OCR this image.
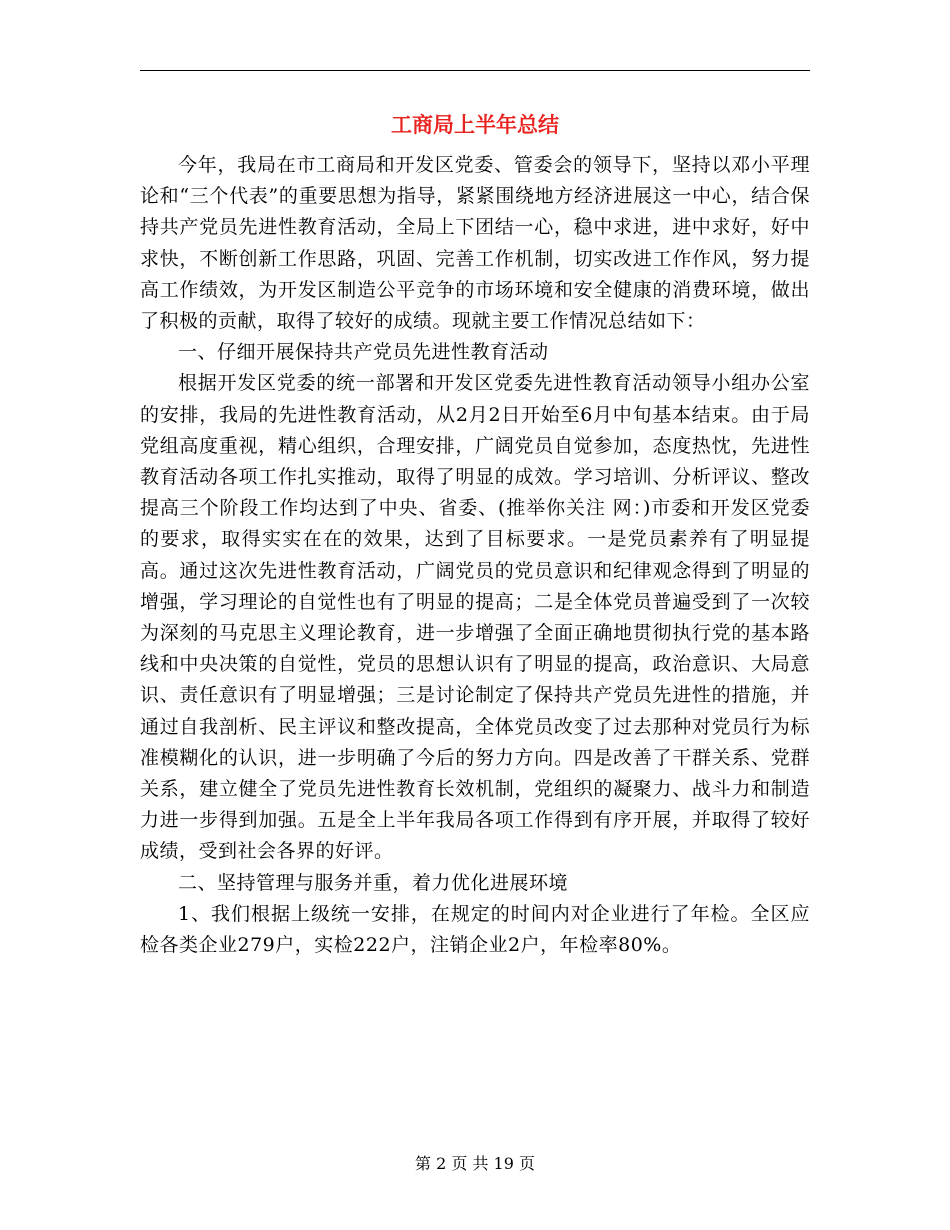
工商局上半年总结

今年，我局在市工商局和开发区党委、管委会的领导下，坚持以邓小平理论和“三个代表”的重要思想为指导，紧紧围绕地方经济进展这一中心，结合保持共产党员先进性教育活动，全局上下团结一心，稳中求进，进中求好，好中求快，不断创新工作思路，巩固、完善工作机制，切实改进工作作风，努力提高工作绩效，为开发区制造公平竞争的市场环境和安全健康的消费环境，做出了积极的贡献，取得了较好的成绩。现就主要工作情况总结如下：

一、仔细开展保持共产党员先进性教育活动

根据开发区党委的统一部署和开发区党委先进性教育活动领导小组办公室的安排，我局的先进性教育活动，从2月2日开始至6月中旬基本结束。由于局党组高度重视，精心组织，合理安排，广阔党员自觉参加，态度热忱，先进性教育活动各项工作扎实推动，取得了明显的成效。学习培训、分析评议、整改提高三个阶段工作均达到了中央、省委、(推举你关注 网：)市委和开发区党委的要求，取得实实在在的效果，达到了目标要求。一是党员素养有了明显提高。通过这次先进性教育活动，广阔党员的党员意识和纪律观念得到了明显的增强，学习理论的自觉性也有了明显的提高；二是全体党员普遍受到了一次较为深刻的马克思主义理论教育，进一步增强了全面正确地贯彻执行党的基本路线和中央决策的自觉性，党员的思想认识有了明显的提高，政治意识、大局意识、责任意识有了明显增强；三是讨论制定了保持共产党员先进性的措施，并通过自我剖析、民主评议和整改提高，全体党员改变了过去那种对党员行为标准模糊化的认识，进一步明确了今后的努力方向。四是改善了干群关系、党群关系，建立健全了党员先进性教育长效机制，党组织的凝聚力、战斗力和制造力进一步得到加强。五是全上半年我局各项工作得到有序开展，并取得了较好成绩，受到社会各界的好评。

二、坚持管理与服务并重，着力优化进展环境

1、我们根据上级统一安排，在规定的时间内对企业进行了年检。全区应检各类企业279户，实检222户，注销企业2户，年检率80%。

第 2 页 共 19 页
